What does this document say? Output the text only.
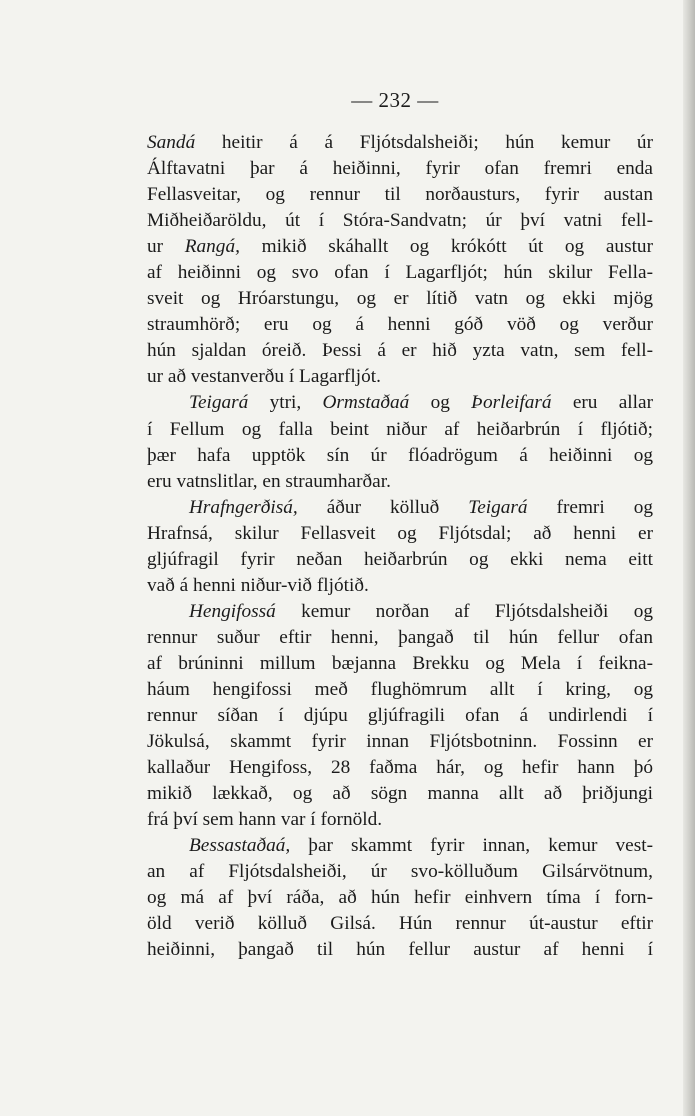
— 232 —
Sandá heitir á á Fljótsdalsheiði; hún kemur úr
Álftavatni þar á heiðinni, fyrir ofan fremri enda
Fellasveitar, og rennur til norðausturs, fyrir austan
Miðheiðaröldu, út í Stóra-Sandvatn; úr því vatni fell-
ur Rangá, mikið skáhallt og krókótt út og austur
af heiðinni og svo ofan í Lagarfljót; hún skilur Fella-
sveit og Hróarstungu, og er lítið vatn og ekki mjög
straumhörð; eru og á henni góð vöð og verður
hún sjaldan óreið. Þessi á er hið yzta vatn, sem fell-
ur að vestanverðu í Lagarfljót.
Teigará ytri, Ormstaðaá og Þorleifará eru allar
í Fellum og falla beint niður af heiðarbrún í fljótið;
þær hafa upptök sín úr flóadrögum á heiðinni og
eru vatnslitlar, en straumharðar.
Hrafngerðisá, áður kölluð Teigará fremri og
Hrafnsá, skilur Fellasveit og Fljótsdal; að henni er
gljúfragil fyrir neðan heiðarbrún og ekki nema eitt
vað á henni niður-við fljótið.
Hengifossá kemur norðan af Fljótsdalsheiði og
rennur suður eftir henni, þangað til hún fellur ofan
af brúninni millum bæjanna Brekku og Mela í feikna-
háum hengifossi með flughömrum allt í kring, og
rennur síðan í djúpu gljúfragili ofan á undirlendi í
Jökulsá, skammt fyrir innan Fljótsbotninn. Fossinn er
kallaður Hengifoss, 28 faðma hár, og hefir hann þó
mikið lækkað, og að sögn manna allt að þriðjungi
frá því sem hann var í fornöld.
Bessastaðaá, þar skammt fyrir innan, kemur vest-
an af Fljótsdalsheiði, úr svo-kölluðum Gilsárvötnum,
og má af því ráða, að hún hefir einhvern tíma í forn-
öld verið kölluð Gilsá. Hún rennur út-austur eftir
heiðinni, þangað til hún fellur austur af henni í
